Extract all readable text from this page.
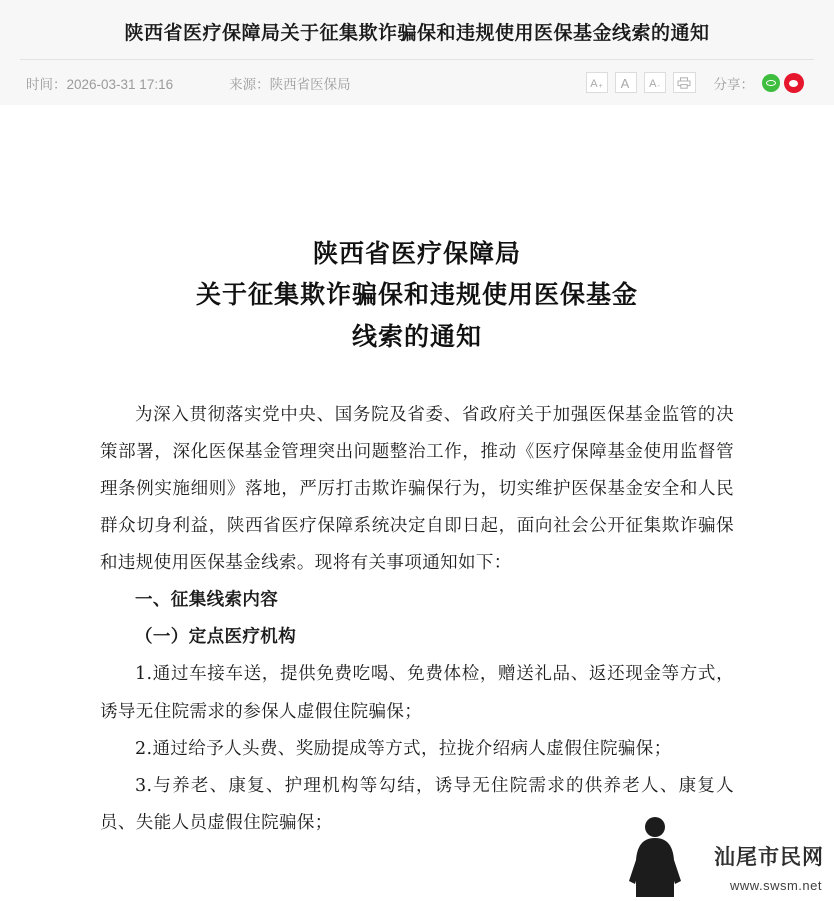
陕西省医疗保障局关于征集欺诈骗保和违规使用医保基金线索的通知
时间：2026-03-31 17:16	来源：陕西省医保局	A + A A -	分享：
陕西省医疗保障局
关于征集欺诈骗保和违规使用医保基金
线索的通知

为深入贯彻落实党中央、国务院及省委、省政府关于加强医保基金监管的决策部署，深化医保基金管理突出问题整治工作，推动《医疗保障基金使用监督管理条例实施细则》落地，严厉打击欺诈骗保行为，切实维护医保基金安全和人民群众切身利益，陕西省医疗保障系统决定自即日起，面向社会公开征集欺诈骗保和违规使用医保基金线索。现将有关事项通知如下：

一、征集线索内容

（一）定点医疗机构

1.通过车接车送，提供免费吃喝、免费体检，赠送礼品、返还现金等方式，诱导无住院需求的参保人虚假住院骗保；

2.通过给予人头费、奖励提成等方式，拉拢介绍病人虚假住院骗保；

3.与养老、康复、护理机构等勾结，诱导无住院需求的供养老人、康复人员、失能人员虚假住院骗保；

汕尾市民网
www.swsm.net
